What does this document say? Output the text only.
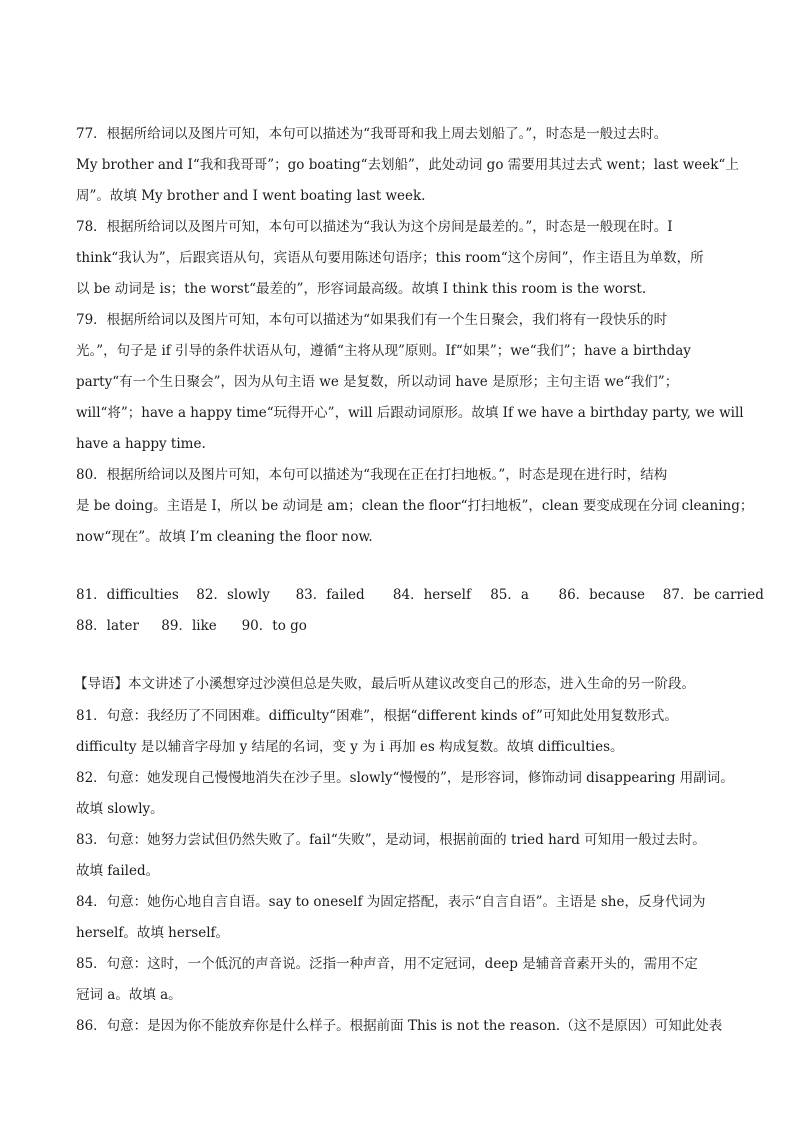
77．根据所给词以及图片可知，本句可以描述为“我哥哥和我上周去划船了。”，时态是一般过去时。
My brother and I“我和我哥哥”；go boating“去划船”，此处动词 go 需要用其过去式 went；last week“上
周”。故填 My brother and I went boating last week.
78．根据所给词以及图片可知，本句可以描述为“我认为这个房间是最差的。”，时态是一般现在时。I
think“我认为”，后跟宾语从句，宾语从句要用陈述句语序；this room“这个房间”，作主语且为单数，所
以 be 动词是 is；the worst“最差的”，形容词最高级。故填 I think this room is the worst.
79．根据所给词以及图片可知，本句可以描述为“如果我们有一个生日聚会，我们将有一段快乐的时
光。”，句子是 if 引导的条件状语从句，遵循“主将从现”原则。If“如果”；we“我们”；have a birthday
party“有一个生日聚会”，因为从句主语 we 是复数，所以动词 have 是原形；主句主语 we“我们”；
will“将”；have a happy time“玩得开心”，will 后跟动词原形。故填 If we have a birthday party, we will
have a happy time.
80．根据所给词以及图片可知，本句可以描述为“我现在正在打扫地板。”，时态是现在进行时，结构
是 be doing。主语是 I，所以 be 动词是 am；clean the floor“打扫地板”，clean 要变成现在分词 cleaning；
now“现在”。故填 I’m cleaning the floor now.
81．difficulties 82．slowly 83．failed 84．herself 85．a 86．because 87．be carried
88．later 89．like 90．to go
【导语】本文讲述了小溪想穿过沙漠但总是失败，最后听从建议改变自己的形态，进入生命的另一阶段。
81．句意：我经历了不同困难。difficulty“困难”，根据“different kinds of”可知此处用复数形式。
difficulty 是以辅音字母加 y 结尾的名词，变 y 为 i 再加 es 构成复数。故填 difficulties。
82．句意：她发现自己慢慢地消失在沙子里。slowly“慢慢的”，是形容词，修饰动词 disappearing 用副词。
故填 slowly。
83．句意：她努力尝试但仍然失败了。fail“失败”，是动词，根据前面的 tried hard 可知用一般过去时。
故填 failed。
84．句意：她伤心地自言自语。say to oneself 为固定搭配，表示“自言自语”。主语是 she，反身代词为
herself。故填 herself。
85．句意：这时，一个低沉的声音说。泛指一种声音，用不定冠词，deep 是辅音音素开头的，需用不定
冠词 a。故填 a。
86．句意：是因为你不能放弃你是什么样子。根据前面 This is not the reason.（这不是原因）可知此处表
